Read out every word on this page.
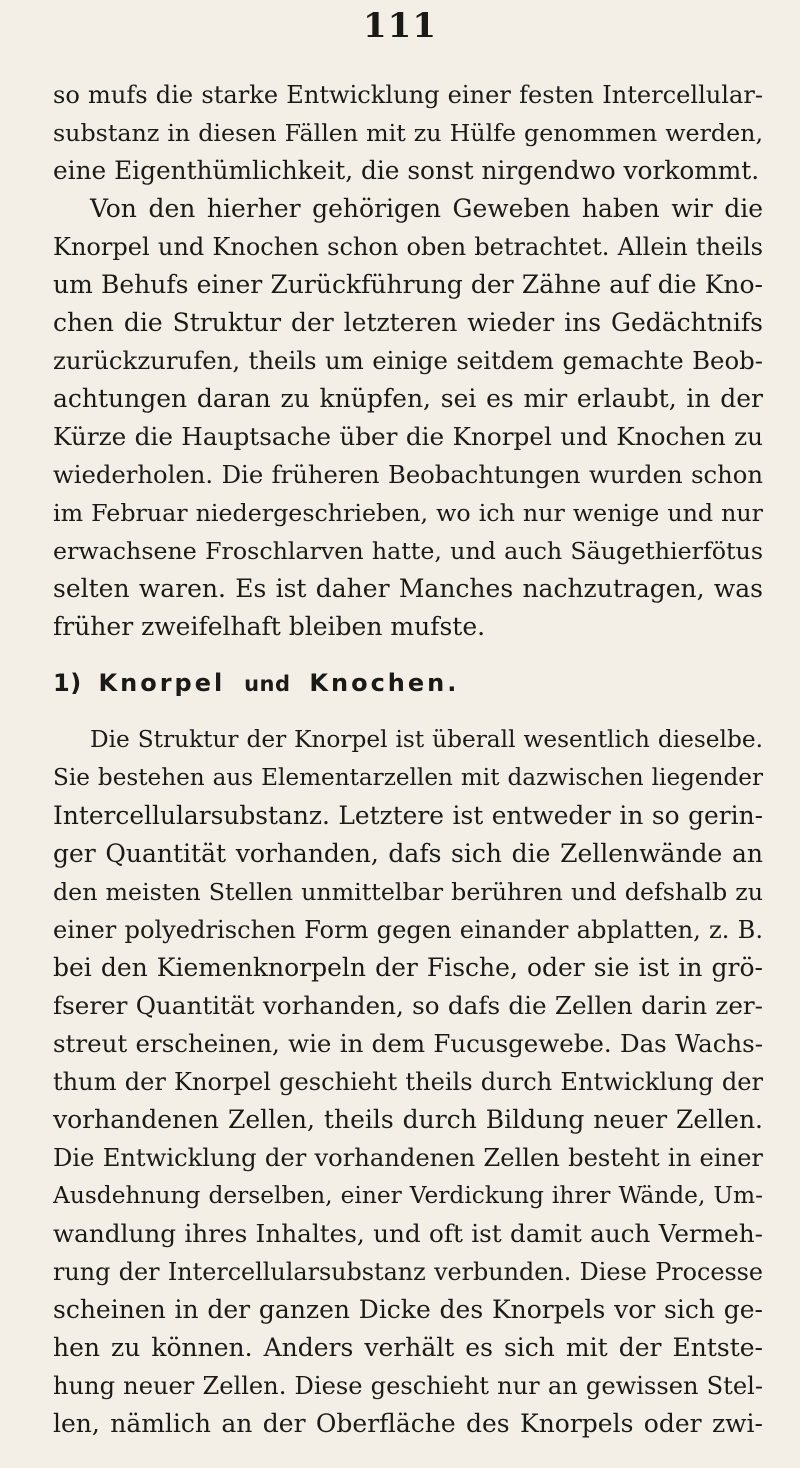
111
so mufs die starke Entwicklung einer festen Intercellular-
substanz in diesen Fällen mit zu Hülfe genommen werden,
eine Eigenthümlichkeit, die sonst nirgendwo vorkommt.
Von den hierher gehörigen Geweben haben wir die
Knorpel und Knochen schon oben betrachtet. Allein theils
um Behufs einer Zurückführung der Zähne auf die Kno-
chen die Struktur der letzteren wieder ins Gedächtnifs
zurückzurufen, theils um einige seitdem gemachte Beob-
achtungen daran zu knüpfen, sei es mir erlaubt, in der
Kürze die Hauptsache über die Knorpel und Knochen zu
wiederholen. Die früheren Beobachtungen wurden schon
im Februar niedergeschrieben, wo ich nur wenige und nur
erwachsene Froschlarven hatte, und auch Säugethierfötus
selten waren. Es ist daher Manches nachzutragen, was
früher zweifelhaft bleiben mufste.
1) Knorpel und Knochen.
Die Struktur der Knorpel ist überall wesentlich dieselbe.
Sie bestehen aus Elementarzellen mit dazwischen liegender
Intercellularsubstanz. Letztere ist entweder in so gerin-
ger Quantität vorhanden, dafs sich die Zellenwände an
den meisten Stellen unmittelbar berühren und defshalb zu
einer polyedrischen Form gegen einander abplatten, z. B.
bei den Kiemenknorpeln der Fische, oder sie ist in grö-
fserer Quantität vorhanden, so dafs die Zellen darin zer-
streut erscheinen, wie in dem Fucusgewebe. Das Wachs-
thum der Knorpel geschieht theils durch Entwicklung der
vorhandenen Zellen, theils durch Bildung neuer Zellen.
Die Entwicklung der vorhandenen Zellen besteht in einer
Ausdehnung derselben, einer Verdickung ihrer Wände, Um-
wandlung ihres Inhaltes, und oft ist damit auch Vermeh-
rung der Intercellularsubstanz verbunden. Diese Processe
scheinen in der ganzen Dicke des Knorpels vor sich ge-
hen zu können. Anders verhält es sich mit der Entste-
hung neuer Zellen. Diese geschieht nur an gewissen Stel-
len, nämlich an der Oberfläche des Knorpels oder zwi-
